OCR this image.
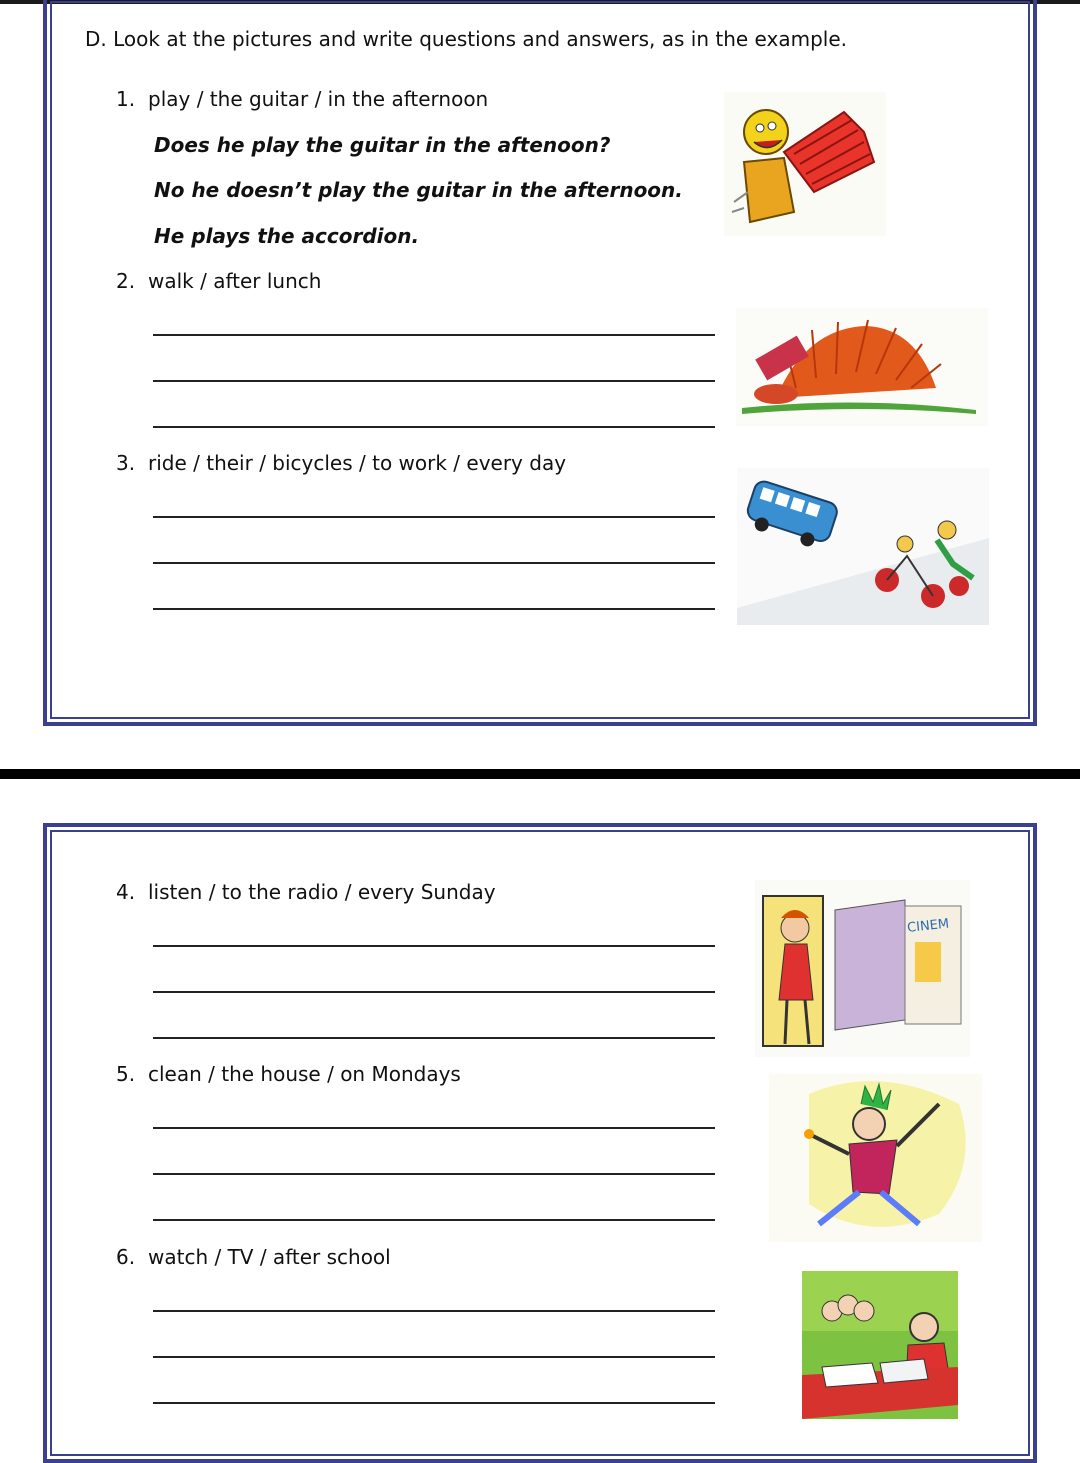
D. Look at the pictures and write questions and answers, as in the example.
1. play / the guitar / in the afternoon
Does he play the guitar in the aftenoon?
No he doesn’t play the guitar in the afternoon.
He plays the accordion.
2. walk / after lunch
3. ride / their / bicycles / to work / every day
4. listen / to the radio / every Sunday
CINEM
5. clean / the house / on Mondays
6. watch / TV / after school
